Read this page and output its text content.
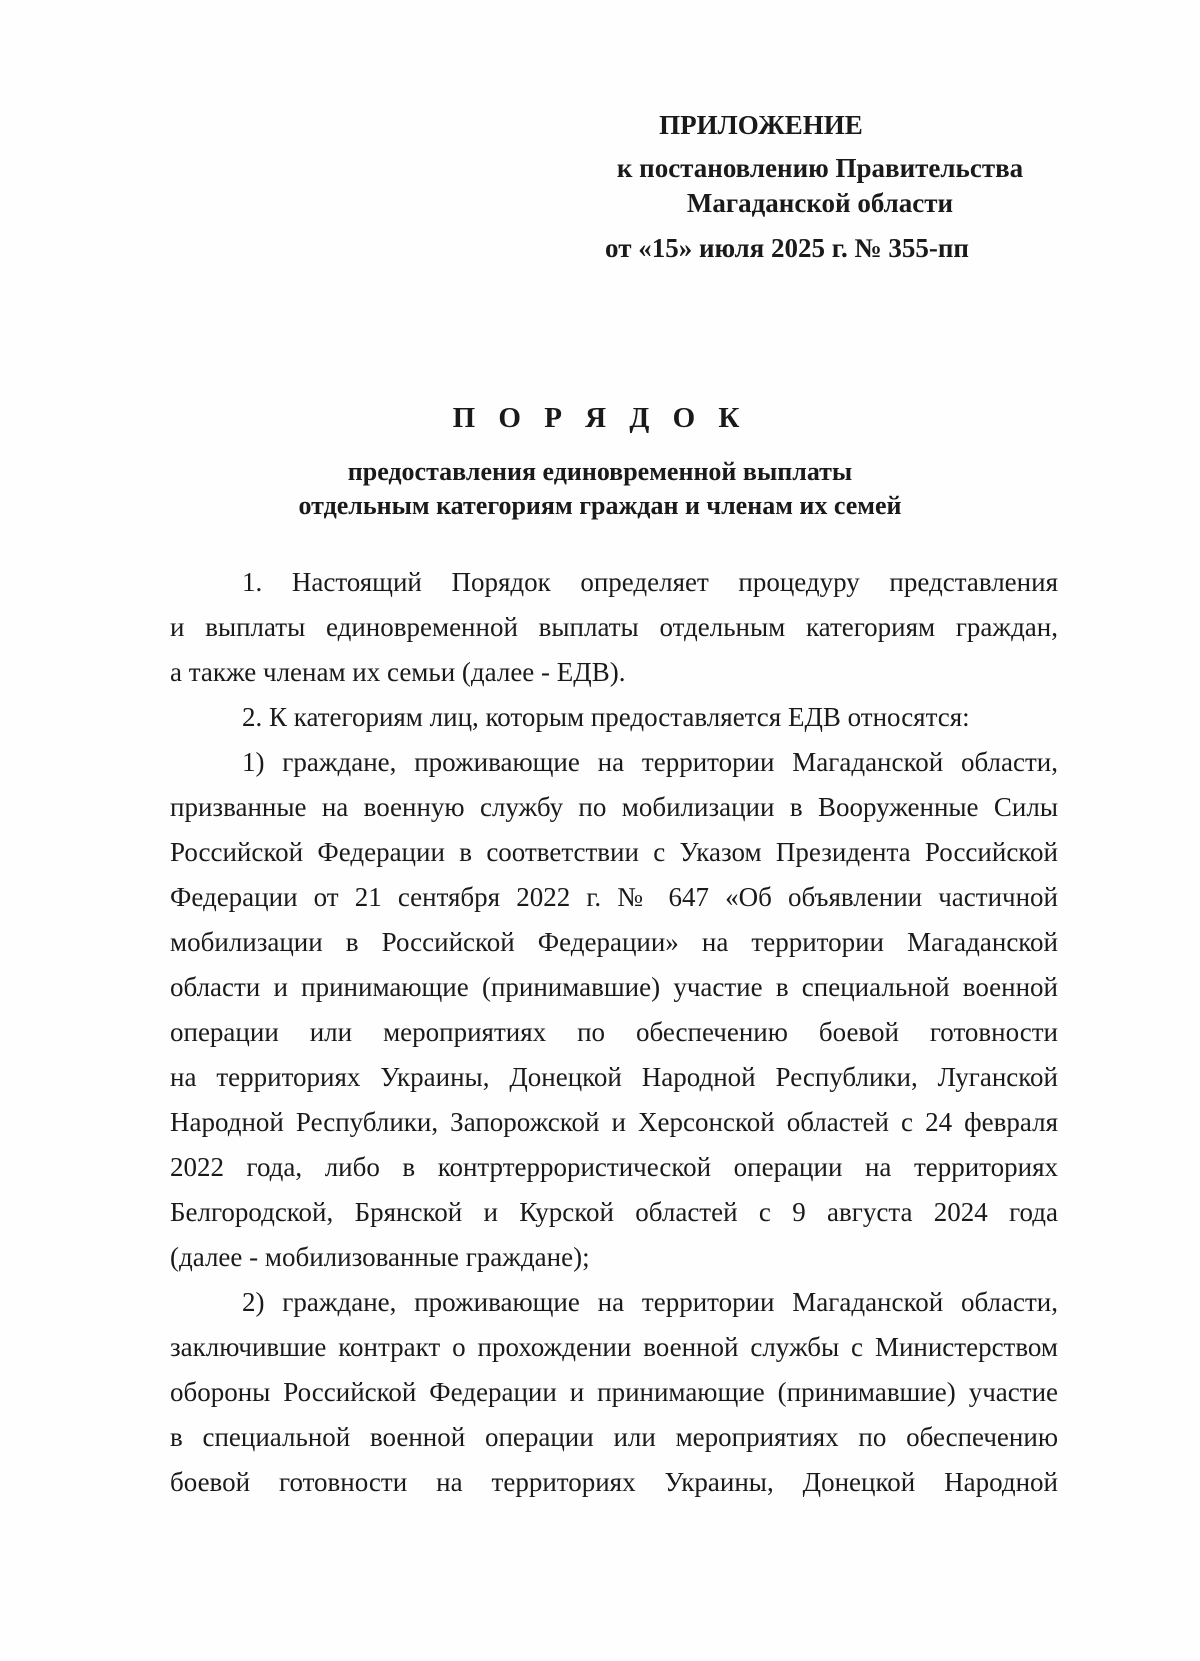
ПРИЛОЖЕНИЕ
к постановлению Правительства
Магаданской области
от «15» июля 2025 г. № 355-пп
П О Р Я Д О К
предоставления единовременной выплаты
отдельным категориям граждан и членам их семей

1. Настоящий Порядок определяет процедуру представления
и выплаты единовременной выплаты отдельным категориям граждан,
а также членам их семьи (далее - ЕДВ).

2. К категориям лиц, которым предоставляется ЕДВ относятся:

1) граждане, проживающие на территории Магаданской области,
призванные на военную службу по мобилизации в Вооруженные Силы
Российской Федерации в соответствии с Указом Президента Российской
Федерации от 21 сентября 2022 г. № 647 «Об объявлении частичной
мобилизации в Российской Федерации» на территории Магаданской
области и принимающие (принимавшие) участие в специальной военной
операции или мероприятиях по обеспечению боевой готовности
на территориях Украины, Донецкой Народной Республики, Луганской
Народной Республики, Запорожской и Херсонской областей с 24 февраля
2022 года, либо в контртеррористической операции на территориях
Белгородской, Брянской и Курской областей с 9 августа 2024 года
(далее - мобилизованные граждане);

2) граждане, проживающие на территории Магаданской области,
заключившие контракт о прохождении военной службы с Министерством
обороны Российской Федерации и принимающие (принимавшие) участие
в специальной военной операции или мероприятиях по обеспечению
боевой готовности на территориях Украины, Донецкой Народной
